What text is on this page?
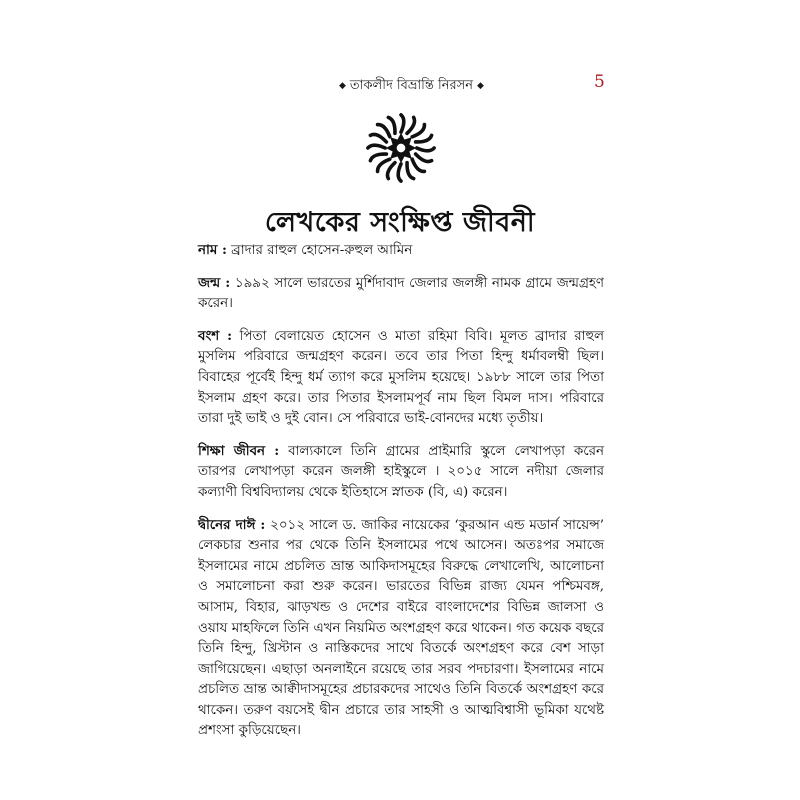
◆ তাকলীদ বিভ্রান্তি নিরসন ◆	5
লেখকের সংক্ষিপ্ত জীবনী

নাম : ব্রাদার রাহুল হোসেন-রুহুল আমিন

জন্ম : ১৯৯২ সালে ভারতের মুর্শিদাবাদ জেলার জলঙ্গী নামক গ্রামে জন্মগ্রহণ করেন।

বংশ : পিতা বেলায়েত হোসেন ও মাতা রহিমা বিবি। মূলত ব্রাদার রাহুল মুসলিম পরিবারে জন্মগ্রহণ করেন। তবে তার পিতা হিন্দু ধর্মাবলম্বী ছিল। বিবাহের পূর্বেই হিন্দু ধর্ম ত্যাগ করে মুসলিম হয়েছে। ১৯৮৮ সালে তার পিতা ইসলাম গ্রহণ করে। তার পিতার ইসলামপূর্ব নাম ছিল বিমল দাস। পরিবারে তারা দুই ভাই ও দুই বোন। সে পরিবারে ভাই-বোনদের মধ্যে তৃতীয়।

শিক্ষা জীবন : বাল্যকালে তিনি গ্রামের প্রাইমারি স্কুলে লেখাপড়া করেন তারপর লেখাপড়া করেন জলঙ্গী হাইস্কুলে । ২০১৫ সালে নদীয়া জেলার কল্যাণী বিশ্ববিদ্যালয় থেকে ইতিহাসে স্নাতক (বি, এ) করেন।

দ্বীনের দাঈ : ২০১২ সালে ড. জাকির নায়েকের ‘কুরআন এন্ড মডার্ন সায়েন্স’ লেকচার শুনার পর থেকে তিনি ইসলামের পথে আসেন। অতঃপর সমাজে ইসলামের নামে প্রচলিত ভ্রান্ত আকিদাসমূহের বিরুদ্ধে লেখালেখি, আলোচনা ও সমালোচনা করা শুরু করেন। ভারতের বিভিন্ন রাজ্য যেমন পশ্চিমবঙ্গ, আসাম, বিহার, ঝাড়খন্ড ও দেশের বাইরে বাংলাদেশের বিভিন্ন জালসা ও ওয়ায মাহফিলে তিনি এখন নিয়মিত অংশগ্রহণ করে থাকেন। গত কয়েক বছরে তিনি হিন্দু, খ্রিস্টান ও নাস্তিকদের সাথে বিতর্কে অংশগ্রহণ করে বেশ সাড়া জাগিয়েছেন। এছাড়া অনলাইনে রয়েছে তার সরব পদচারণা। ইসলামের নামে প্রচলিত ভ্রান্ত আক্বীদাসমূহের প্রচারকদের সাথেও তিনি বিতর্কে অংশগ্রহণ করে থাকেন। তরুণ বয়সেই দ্বীন প্রচারে তার সাহসী ও আত্মবিশ্বাসী ভূমিকা যথেষ্ট প্রশংসা কুড়িয়েছেন।
